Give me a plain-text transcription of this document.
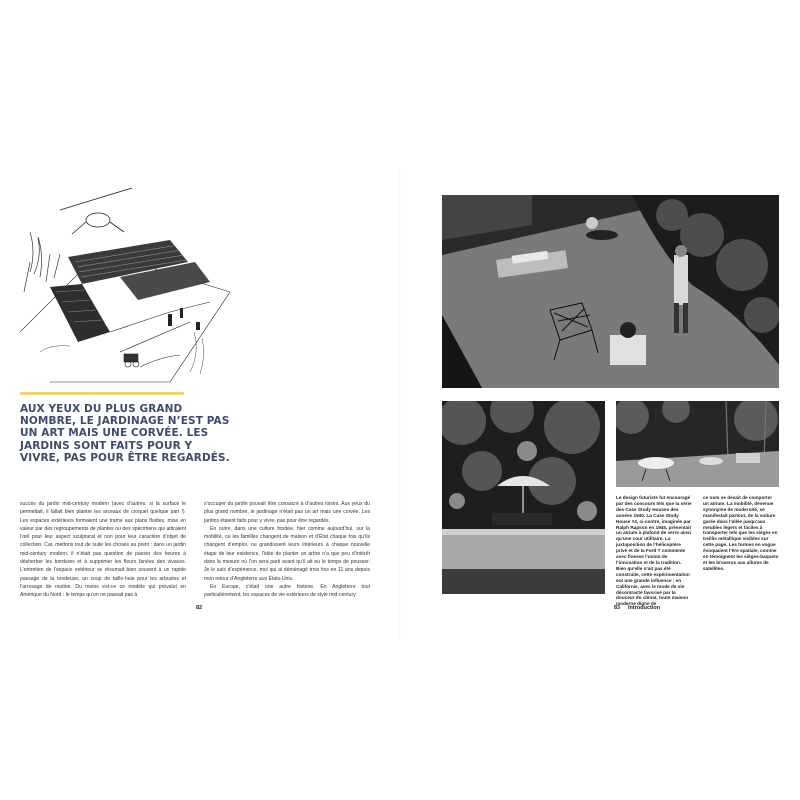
AUX YEUX DU PLUS GRAND NOMBRE, LE JARDINAGE N’EST PAS UN ART MAIS UNE CORVÉE. LES JARDINS SONT FAITS POUR Y VIVRE, PAS POUR ÊTRE REGARDÉS.

succès du jardin mid-century modern (avec d’autres, si la surface le permettait, il fallait bien planter les arceaux de croquet quelque part !). Les espaces extérieurs formaient une trame aux plans fluides, mise en valeur par des regroupements de plantes ou des spécimens qui attiraient l’œil pour leur aspect sculptural et non pour leur caractère d’objet de collection. Car, mettons tout de suite les choses au point : dans un jardin mid-century modern, il n’était pas question de passer des heures à désherber les bordures et à supprimer les fleurs fanées des vivaces. L’entretien de l’espace extérieur se résumait bien souvent à un rapide passage de la tondeuse, un coup de taille-haie pour les arbustes et l’arrosage de routine. Du moins est-ce ce modèle qui prévalut en Amérique du Nord : le temps qu’on ne passait pas à

s’occuper du jardin pouvait être consacré à d’autres loisirs. Aux yeux du plus grand nombre, le jardinage n’était pas un art mais une corvée. Les jardins étaient faits pour y vivre, pas pour être regardés.

En outre, dans une culture fondée, hier comme aujourd’hui, sur la mobilité, où les familles changent de maison et d’État chaque fois qu’ils changent d’emploi, ou grandissent leurs intérieurs à chaque nouvelle étape de leur existence, l’idée de planter un arbre n’a que peu d’intérêt dans la mesure où l’on sera parti avant qu’il ait eu le temps de pousser. Je le sais d’expérience, moi qui ai déménagé trois fois en 11 ans depuis mon retour d’Angleterre aux États-Unis.

En Europe, c’était une autre histoire. En Angleterre tout particulièrement, les espaces de vie extérieurs de style mid-century

82

Le design futuriste fut encouragé par des concours tels que la série des Case Study Houses des années 1940. La Case Study House #4, ci-contre, imaginée par Ralph Rapson en 1945, présentait un atrium à plafond de verre ainsi qu’une cour utilitaire. La juxtaposition de l’hélicoptère privé et de la Ford T commente avec finesse l’union de l’innovation et de la tradition. Bien qu’elle n’ait pas été construite, cette expérimentation eut une grande influence ; en Californie, avec le mode de vie décontracté favorisé par la douceur du climat, toute maison moderne digne de

ce nom se devait de comporter un atrium. La mobilité, devenue synonyme de modernité, se manifestait partout, de la voiture garée dans l’allée jusqu’aux meubles légers et faciles à transporter tels que les sièges en treillis métallique visibles sur cette page. Les formes en vogue évoquaient l’ère spatiale, comme en témoignent les sièges-baquets et les braseros aux allures de satellites.

83 Introduction
